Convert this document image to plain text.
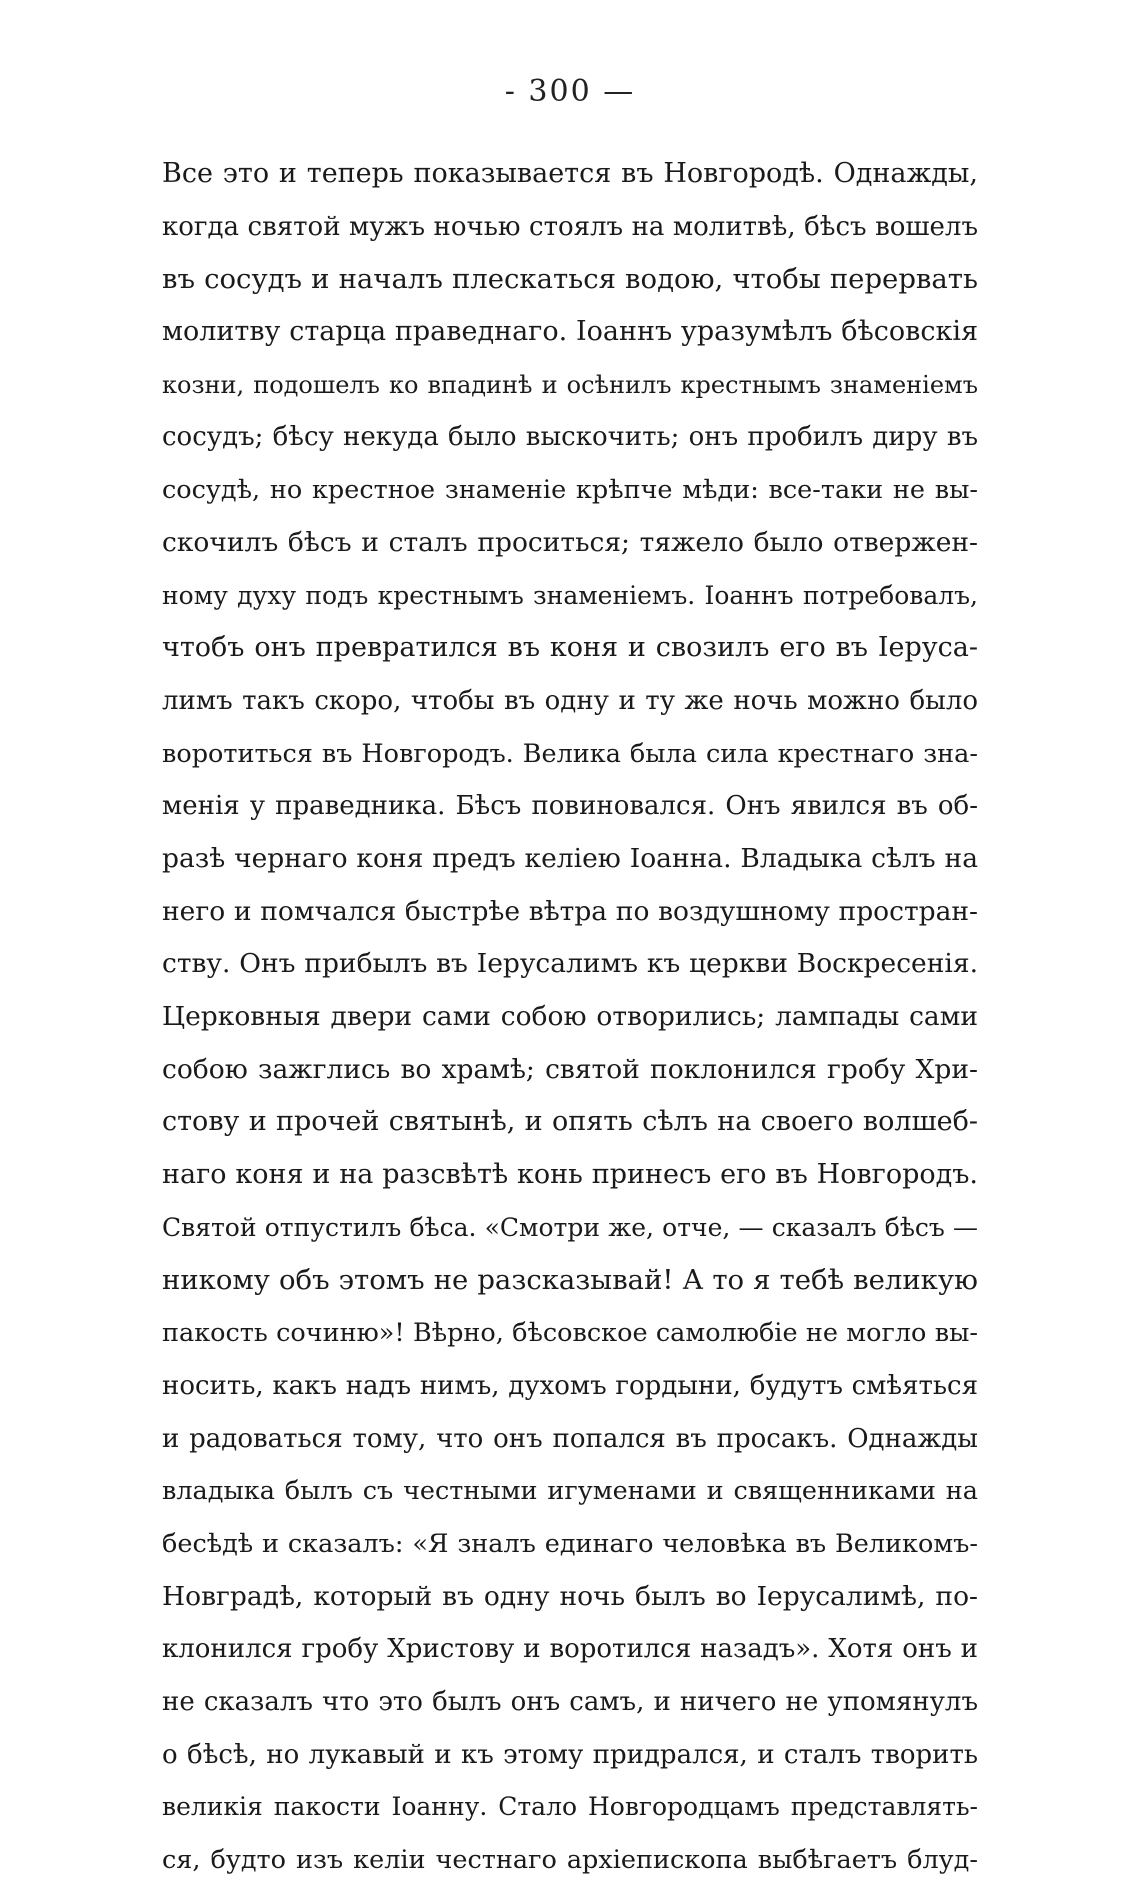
- 300 —
Все это и теперь показывается въ Новгородѣ. Однажды,
когда святой мужъ ночью стоялъ на молитвѣ, бѣсъ вошелъ
въ сосудъ и началъ плескаться водою, чтобы перервать
молитву старца праведнаго. Іоаннъ уразумѣлъ бѣсовскія
козни, подошелъ ко впадинѣ и осѣнилъ крестнымъ знаменіемъ
сосудъ; бѣсу некуда было выскочить; онъ пробилъ диру въ
сосудѣ, но крестное знаменіе крѣпче мѣди: все-таки не вы-
скочилъ бѣсъ и сталъ проситься; тяжело было отвержен-
ному духу подъ крестнымъ знаменіемъ. Іоаннъ потребовалъ,
чтобъ онъ превратился въ коня и свозилъ его въ Іерусa-
лимъ такъ скоро, чтобы въ одну и ту же ночь можно было
воротиться въ Новгородъ. Велика была сила крестнаго зна-
менія у праведника. Бѣсъ повиновался. Онъ явился въ об-
разѣ чернаго коня предъ келіею Іоанна. Владыка сѣлъ на
него и помчался быстрѣе вѣтра по воздушному простран-
ству. Онъ прибылъ въ Іерусалимъ къ церкви Воскресенія.
Церковныя двери сами собою отворились; лампады сами
собою зажглись во храмѣ; святой поклонился гробу Хри-
стову и прочей святынѣ, и опять сѣлъ на своего волшеб-
наго коня и на разсвѣтѣ конь принесъ его въ Новгородъ.
Святой отпустилъ бѣса. «Смотри же, отче, — сказалъ бѣсъ —
никому объ этомъ не разсказывай! А то я тебѣ великую
пакость сочиню»! Вѣрно, бѣсовское самолюбіе не могло вы-
носить, какъ надъ нимъ, духомъ гордыни, будутъ смѣяться
и радоваться тому, что онъ попался въ просакъ. Однажды
владыка былъ съ честными игуменами и священниками на
бесѣдѣ и сказалъ: «Я зналъ единаго человѣка въ Великомъ-
Новградѣ, который въ одну ночь былъ во Іерусалимѣ, по-
клонился гробу Христову и воротился назадъ». Хотя онъ и
не сказалъ что это былъ онъ самъ, и ничего не упомянулъ
о бѣсѣ, но лукавый и къ этому придрался, и сталъ творить
великія пакости Іоанну. Стало Новгородцамъ представлять-
ся, будто изъ келіи честнаго архіепископа выбѣгаетъ блуд-
